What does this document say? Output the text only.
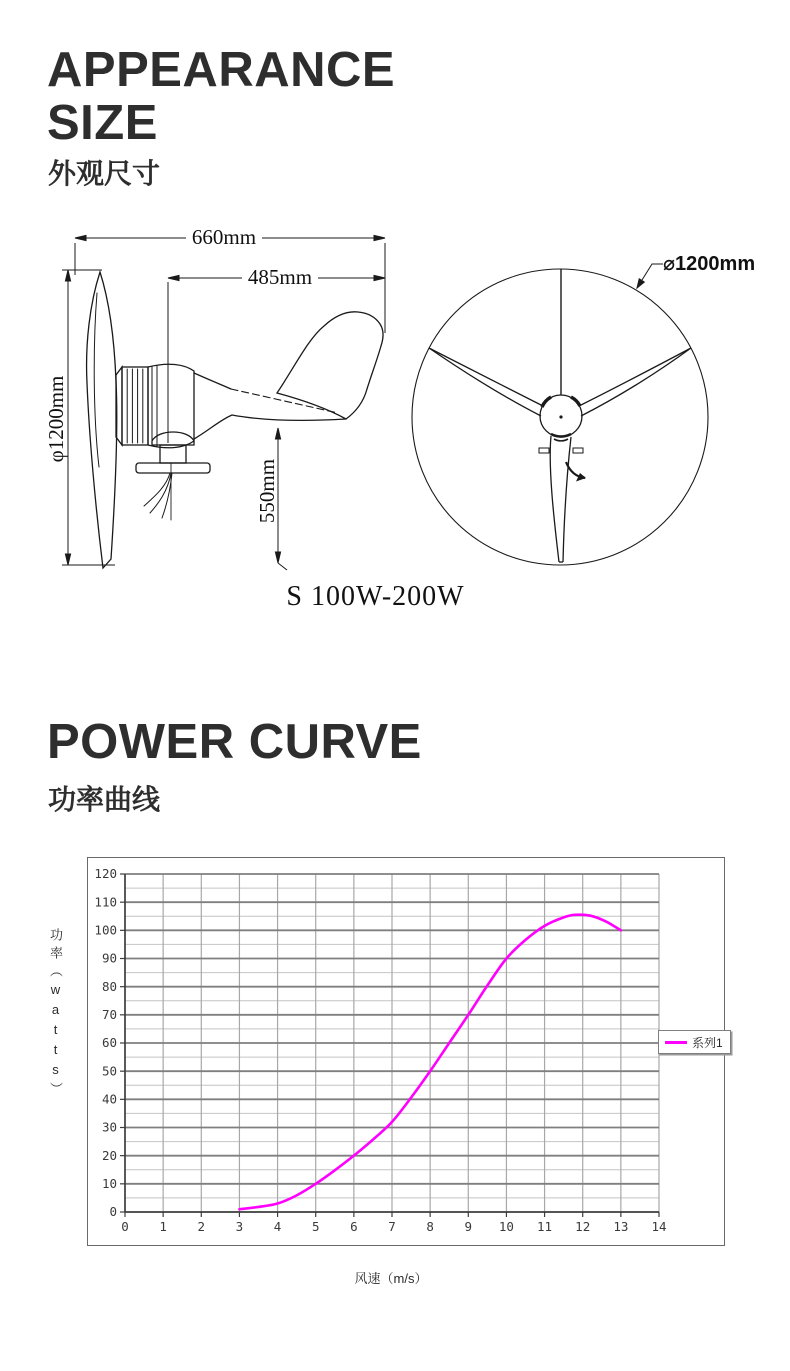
APPEARANCE
SIZE
外观尺寸
660mm
485mm
φ1200mm
550mm
⌀1200mm
S 100W-200W
POWER CURVE
功率曲线
功率（watts）
0 1 2 3 4 5 6 7 8 9 10 11 12 13 14
0
10
20
30
40
50
60
70
80
90
100
110
120
系列1
风速（m/s）
